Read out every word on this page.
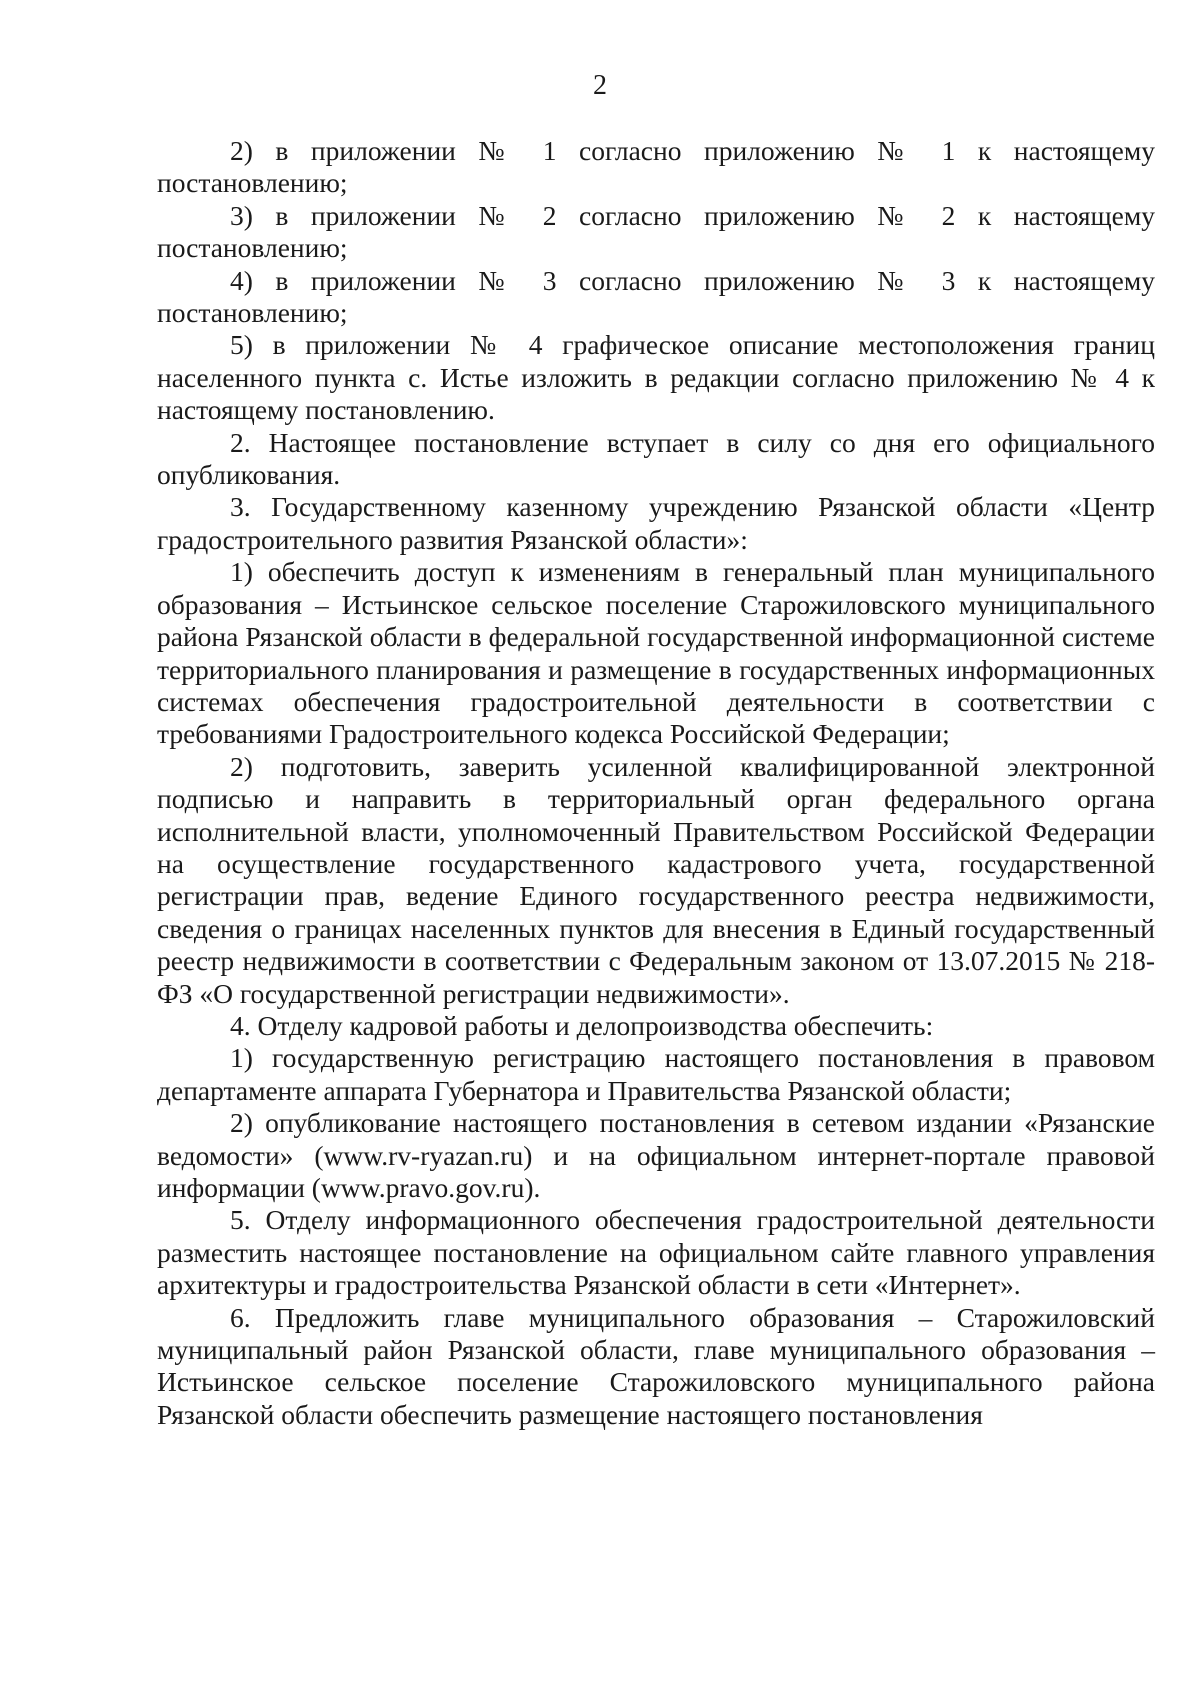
2

2) в приложении № 1 согласно приложению № 1 к настоящему постановлению;

3) в приложении № 2 согласно приложению № 2 к настоящему постановлению;

4) в приложении № 3 согласно приложению № 3 к настоящему постановлению;

5) в приложении № 4 графическое описание местоположения границ населенного пункта с. Истье изложить в редакции согласно приложению № 4 к настоящему постановлению.

2. Настоящее постановление вступает в силу со дня его официального опубликования.

3. Государственному казенному учреждению Рязанской области «Центр градостроительного развития Рязанской области»:

1) обеспечить доступ к изменениям в генеральный план муниципального образования – Истьинское сельское поселение Старожиловского муниципального района Рязанской области в федеральной государственной информационной системе территориального планирования и размещение в государственных информационных системах обеспечения градостроительной деятельности в соответствии с требованиями Градостроительного кодекса Российской Федерации;

2) подготовить, заверить усиленной квалифицированной электронной подписью и направить в территориальный орган федерального органа исполнительной власти, уполномоченный Правительством Российской Федерации на осуществление государственного кадастрового учета, государственной регистрации прав, ведение Единого государственного реестра недвижимости, сведения о границах населенных пунктов для внесения в Единый государственный реестр недвижимости в соответствии с Федеральным законом от 13.07.2015 № 218-ФЗ «О государственной регистрации недвижимости».

4. Отделу кадровой работы и делопроизводства обеспечить:

1) государственную регистрацию настоящего постановления в правовом департаменте аппарата Губернатора и Правительства Рязанской области;

2) опубликование настоящего постановления в сетевом издании «Рязанские ведомости» (www.rv-ryazan.ru) и на официальном интернет-портале правовой информации (www.pravo.gov.ru).

5. Отделу информационного обеспечения градостроительной деятельности разместить настоящее постановление на официальном сайте главного управления архитектуры и градостроительства Рязанской области в сети «Интернет».

6. Предложить главе муниципального образования – Старожиловский муниципальный район Рязанской области, главе муниципального образования – Истьинское сельское поселение Старожиловского муниципального района Рязанской области обеспечить размещение настоящего постановления
